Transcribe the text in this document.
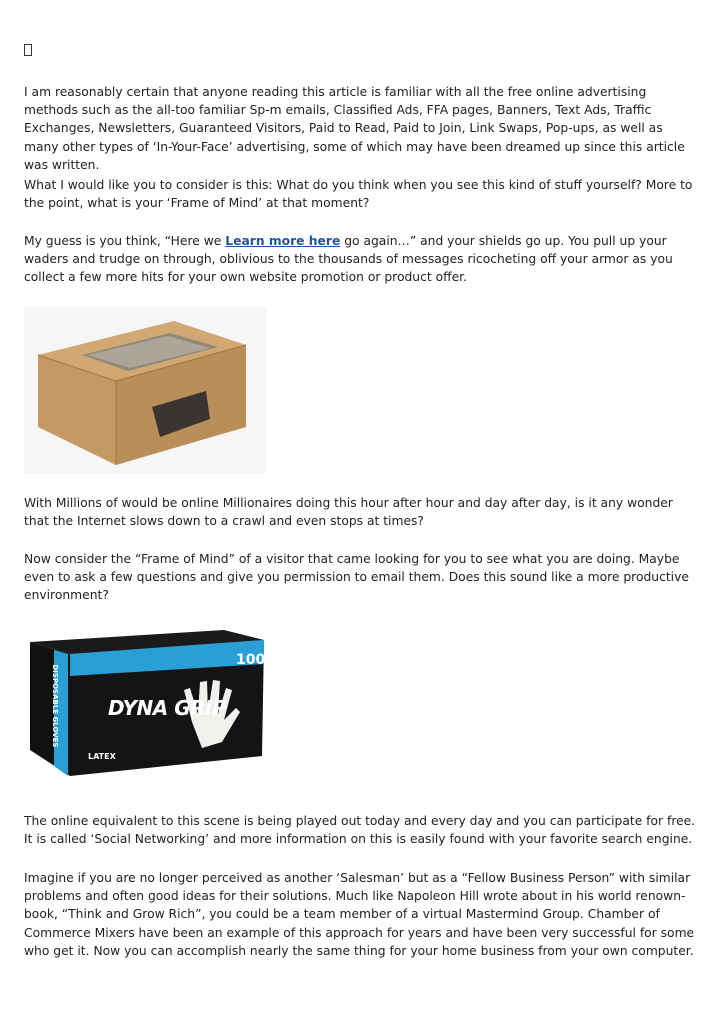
I am reasonably certain that anyone reading this article is familiar with all the free online advertising methods such as the all-too familiar Sp-m emails, Classified Ads, FFA pages, Banners, Text Ads, Traffic Exchanges, Newsletters, Guaranteed Visitors, Paid to Read, Paid to Join, Link Swaps, Pop-ups, as well as many other types of ‘In-Your-Face’ advertising, some of which may have been dreamed up since this article was written.

What I would like you to consider is this: What do you think when you see this kind of stuff yourself? More to the point, what is your ‘Frame of Mind’ at that moment?

My guess is you think, “Here we Learn more here go again…” and your shields go up. You pull up your waders and trudge on through, oblivious to the thousands of messages ricocheting off your armor as you collect a few more hits for your own website promotion or product offer.

With Millions of would be online Millionaires doing this hour after hour and day after day, is it any wonder that the Internet slows down to a crawl and even stops at times?

Now consider the “Frame of Mind” of a visitor that came looking for you to see what you are doing. Maybe even to ask a few questions and give you permission to email them. Does this sound like a more productive environment?

100
DYNA GRIP
DISPOSABLE GLOVES
LATEX

The online equivalent to this scene is being played out today and every day and you can participate for free. It is called ‘Social Networking’ and more information on this is easily found with your favorite search engine.

Imagine if you are no longer perceived as another ‘Salesman’ but as a “Fellow Business Person” with similar problems and often good ideas for their solutions. Much like Napoleon Hill wrote about in his world renown-book, “Think and Grow Rich”, you could be a team member of a virtual Mastermind Group. Chamber of Commerce Mixers have been an example of this approach for years and have been very successful for some who get it. Now you can accomplish nearly the same thing for your home business from your own computer.
